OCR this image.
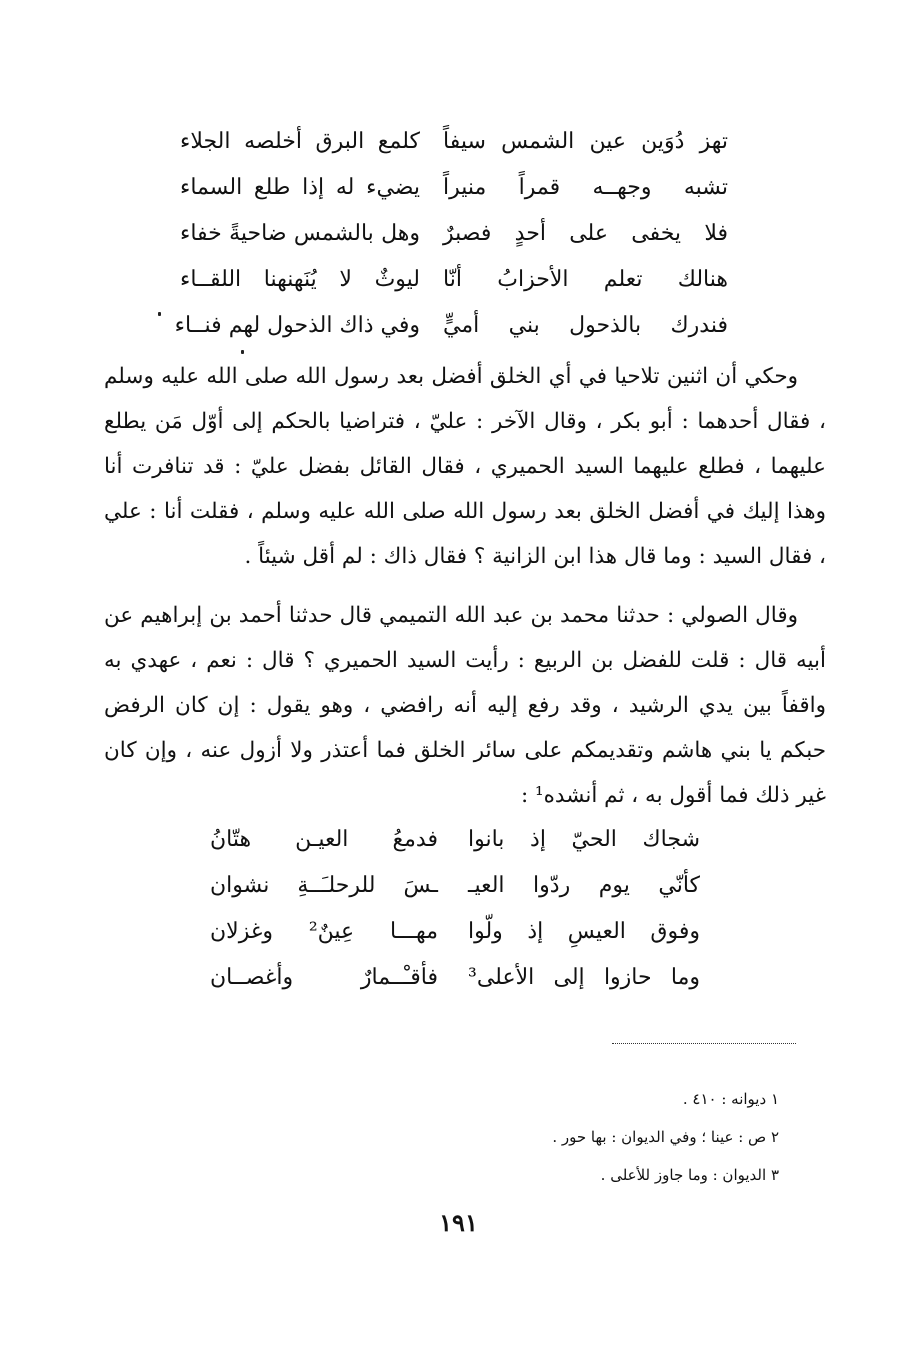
تهز دُوَين عين الشمس سيفاً
كلمع البرق أخلصه الجلاء
تشبه وجهــه قمراً منيراً
يضيء له إذا طلع السماء
فلا يخفى على أحدٍ فصبرٌ
وهل بالشمس ضاحيةً خفاء
هنالك تعلم الأحزابُ أنّا
ليوثٌ لا يُنَهنهنا اللقــاء
فندرك بالذحول بني أميٍّ
وفي ذاك الذحول لهم فنــاء

وحكي أن اثنين تلاحيا في أي الخلق أفضل بعد رسول الله صلى الله عليه وسلم ، فقال أحدهما : أبو بكر ، وقال الآخر : عليّ ، فتراضيا بالحكم إلى أوّل مَن يطلع عليهما ، فطلع عليهما السيد الحميري ، فقال القائل بفضل عليّ : قد تنافرت أنا وهذا إليك في أفضل الخلق بعد رسول الله صلى الله عليه وسلم ، فقلت أنا : علي ، فقال السيد : وما قال هذا ابن الزانية ؟ فقال ذاك : لم أقل شيئاً .

وقال الصولي : حدثنا محمد بن عبد الله التميمي قال حدثنا أحمد بن إبراهيم عن أبيه قال : قلت للفضل بن الربيع : رأيت السيد الحميري ؟ قال : نعم ، عهدي به واقفاً بين يدي الرشيد ، وقد رفع إليه أنه رافضي ، وهو يقول : إن كان الرفض حبكم يا بني هاشم وتقديمكم على سائر الخلق فما أعتذر ولا أزول عنه ، وإن كان غير ذلك فما أقول به ، ثم أنشده¹ :

شجاك الحيّ إذ بانوا
فدمعُ العيـن هتّانُ
كأنّي يوم ردّوا العيـ
ـسَ للرحلـَــةِ نشوان
وفوق العيسِ إذ ولّوا
مهـــا عِينٌ² وغزلان
وما حازوا إلى الأعلى³
فأقـْــمارٌ وأغصــان
١ ديوانه : ٤١٠ .
٢ ص : عينا ؛ وفي الديوان : بها حور .
٣ الديوان : وما جاوز للأعلى .
١٩١
